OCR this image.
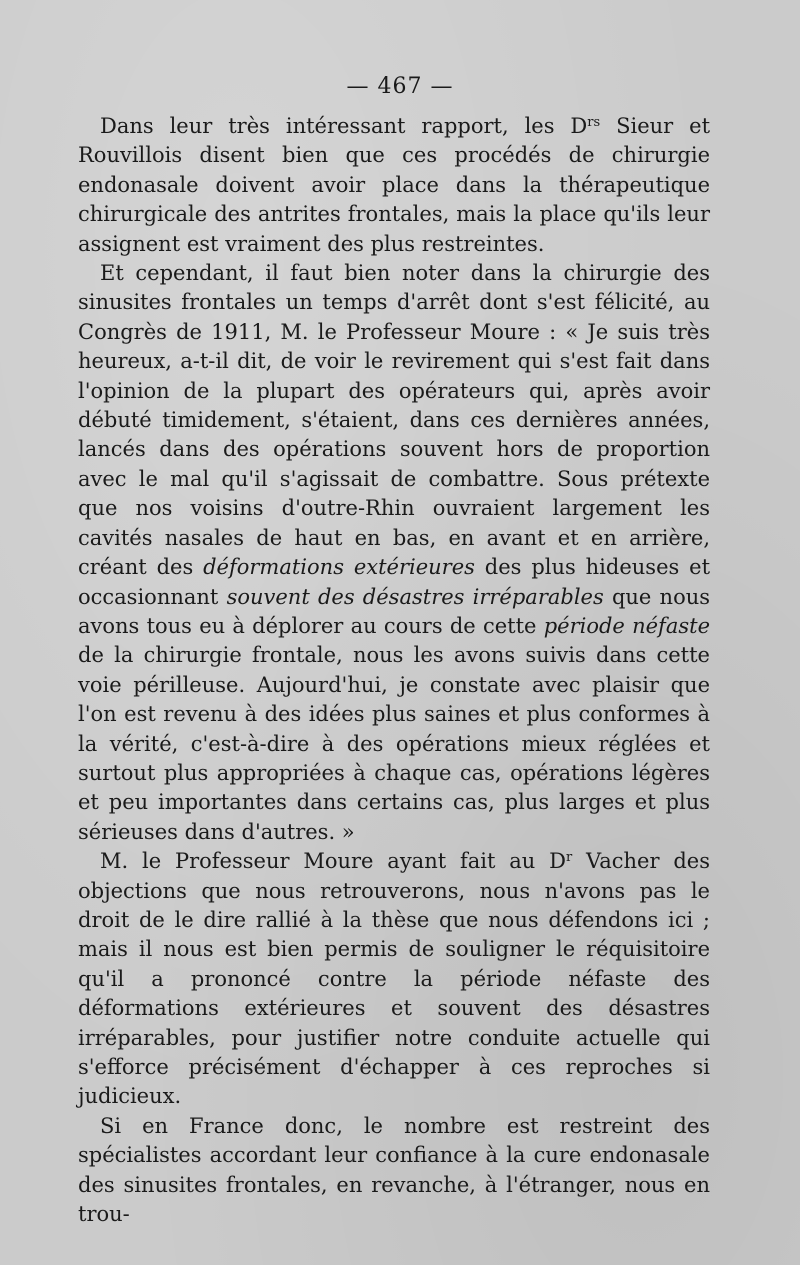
— 467 —

Dans leur très intéressant rapport, les $D^{rs}$ Sieur et Rouvillois disent bien que ces procédés de chirurgie endonasale doivent avoir place dans la thérapeutique chirurgicale des antrites frontales, mais la place qu'ils leur assignent est vraiment des plus restreintes.

Et cependant, il faut bien noter dans la chirurgie des sinusites frontales un temps d'arrêt dont s'est félicité, au Congrès de 1911, M. le Professeur Moure : « Je suis très heureux, a-t-il dit, de voir le revirement qui s'est fait dans l'opinion de la plupart des opérateurs qui, après avoir débuté timidement, s'étaient, dans ces dernières années, lancés dans des opérations souvent hors de proportion avec le mal qu'il s'agissait de combattre. Sous prétexte que nos voisins d'outre-Rhin ouvraient largement les cavités nasales de haut en bas, en avant et en arrière, créant des déformations extérieures des plus hideuses et occasionnant souvent des désastres irréparables que nous avons tous eu à déplorer au cours de cette période néfaste de la chirurgie frontale, nous les avons suivis dans cette voie périlleuse. Aujourd'hui, je constate avec plaisir que l'on est revenu à des idées plus saines et plus conformes à la vérité, c'est-à-dire à des opérations mieux réglées et surtout plus appropriées à chaque cas, opérations légères et peu importantes dans certains cas, plus larges et plus sérieuses dans d'autres. »

M. le Professeur Moure ayant fait au $D^r$ Vacher des objections que nous retrouverons, nous n'avons pas le droit de le dire rallié à la thèse que nous défendons ici ; mais il nous est bien permis de souligner le réquisitoire qu'il a prononcé contre la période néfaste des déformations extérieures et souvent des désastres irréparables, pour justifier notre conduite actuelle qui s'efforce précisément d'échapper à ces reproches si judicieux.

Si en France donc, le nombre est restreint des spécialistes accordant leur confiance à la cure endonasale des sinusites frontales, en revanche, à l'étranger, nous en trou-
